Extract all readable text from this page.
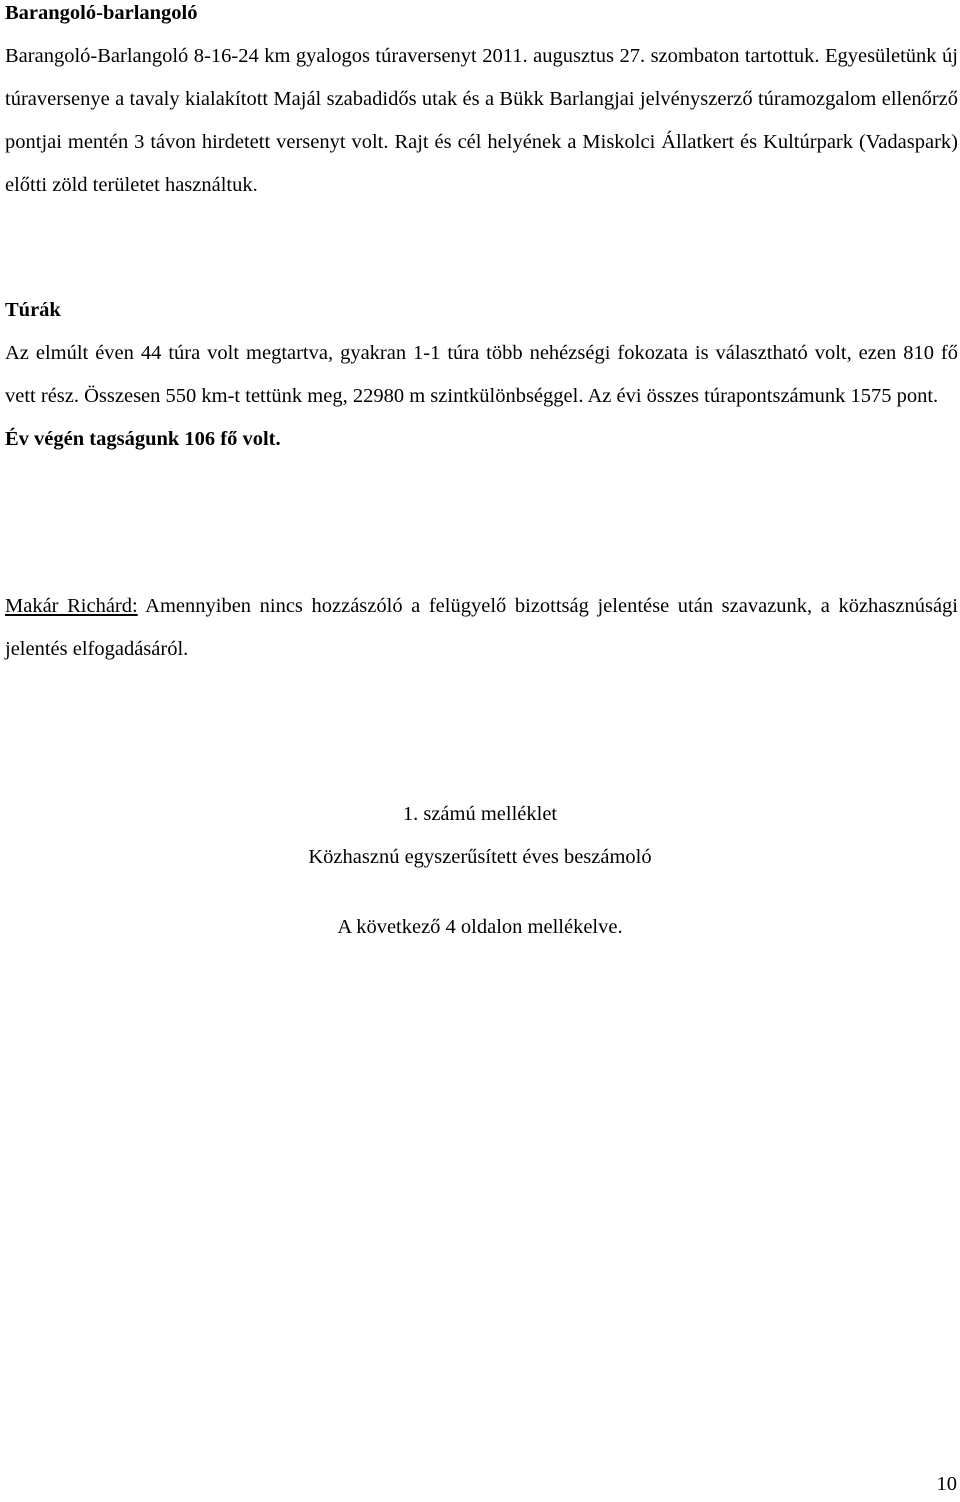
Barangoló-barlangoló
Barangoló-Barlangoló 8-16-24 km gyalogos túraversenyt 2011. augusztus 27. szombaton tartottuk. Egyesületünk új túraversenye a tavaly kialakított Majál szabadidős utak és a Bükk Barlangjai jelvényszerző túramozgalom ellenőrző pontjai mentén 3 távon hirdetett versenyt volt. Rajt és cél helyének a Miskolci Állatkert és Kultúrpark (Vadaspark) előtti zöld területet használtuk.
Túrák
Az elmúlt éven 44 túra volt megtartva, gyakran 1-1 túra több nehézségi fokozata is választható volt, ezen 810 fő vett rész. Összesen 550 km-t tettünk meg, 22980 m szintkülönbséggel. Az évi összes túrapontszámunk 1575 pont.
Év végén tagságunk 106 fő volt.
Makár Richárd: Amennyiben nincs hozzászóló a felügyelő bizottság jelentése után szavazunk, a közhasznúsági jelentés elfogadásáról.
1. számú melléklet
Közhasznú egyszerűsített éves beszámoló
A következő 4 oldalon mellékelve.
10
